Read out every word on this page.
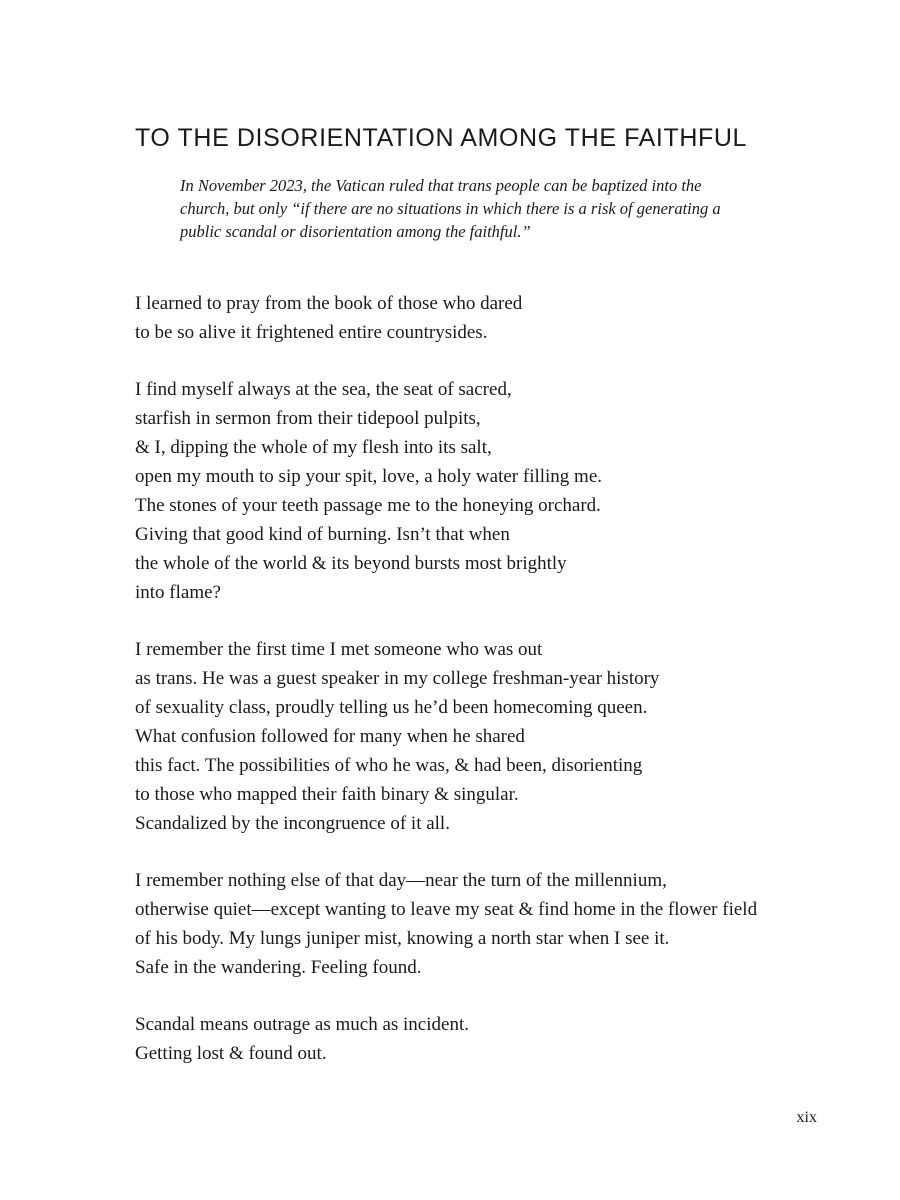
TO THE DISORIENTATION AMONG THE FAITHFUL

In November 2023, the Vatican ruled that trans people can be baptized into the church, but only “if there are no situations in which there is a risk of generating a public scandal or disorientation among the faithful.”

I learned to pray from the book of those who dared
to be so alive it frightened entire countrysides.
I find myself always at the sea, the seat of sacred,
starfish in sermon from their tidepool pulpits,
& I, dipping the whole of my flesh into its salt,
open my mouth to sip your spit, love, a holy water filling me.
The stones of your teeth passage me to the honeying orchard.
Giving that good kind of burning. Isn’t that when
the whole of the world & its beyond bursts most brightly
into flame?
I remember the first time I met someone who was out
as trans. He was a guest speaker in my college freshman-year history
of sexuality class, proudly telling us he’d been homecoming queen.
What confusion followed for many when he shared
this fact. The possibilities of who he was, & had been, disorienting
to those who mapped their faith binary & singular.
Scandalized by the incongruence of it all.
I remember nothing else of that day—near the turn of the millennium,
otherwise quiet—except wanting to leave my seat & find home in the flower field
of his body. My lungs juniper mist, knowing a north star when I see it.
Safe in the wandering. Feeling found.
Scandal means outrage as much as incident.
Getting lost & found out.
xix
